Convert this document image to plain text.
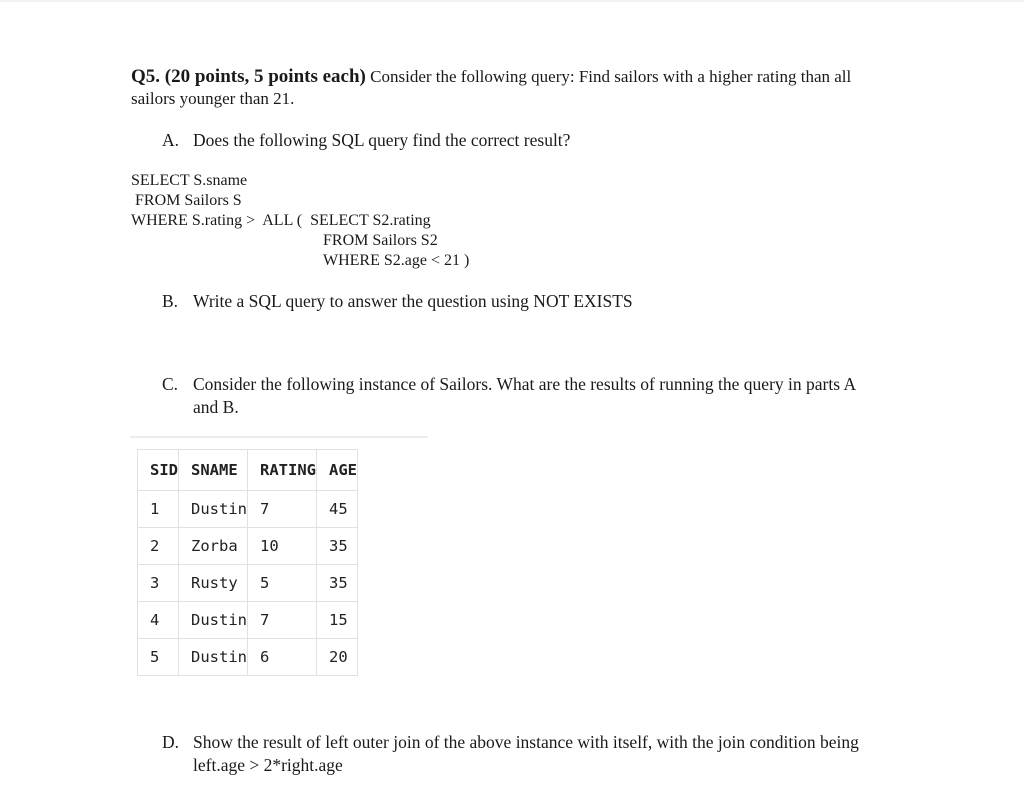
Q5. (20 points, 5 points each) Consider the following query: Find sailors with a higher rating than all sailors younger than 21.
A. Does the following SQL query find the correct result?
SELECT S.sname
FROM Sailors S
WHERE S.rating >  ALL (  SELECT S2.rating
FROM Sailors S2
WHERE S2.age < 21 )
B. Write a SQL query to answer the question using NOT EXISTS
C. Consider the following instance of Sailors. What are the results of running the query in parts A and B.
SID	SNAME	RATING	AGE
1	Dustin	7	45
2	Zorba	10	35
3	Rusty	5	35
4	Dustin	7	15
5	Dustin	6	20
D. Show the result of left outer join of the above instance with itself, with the join condition being left.age > 2*right.age
